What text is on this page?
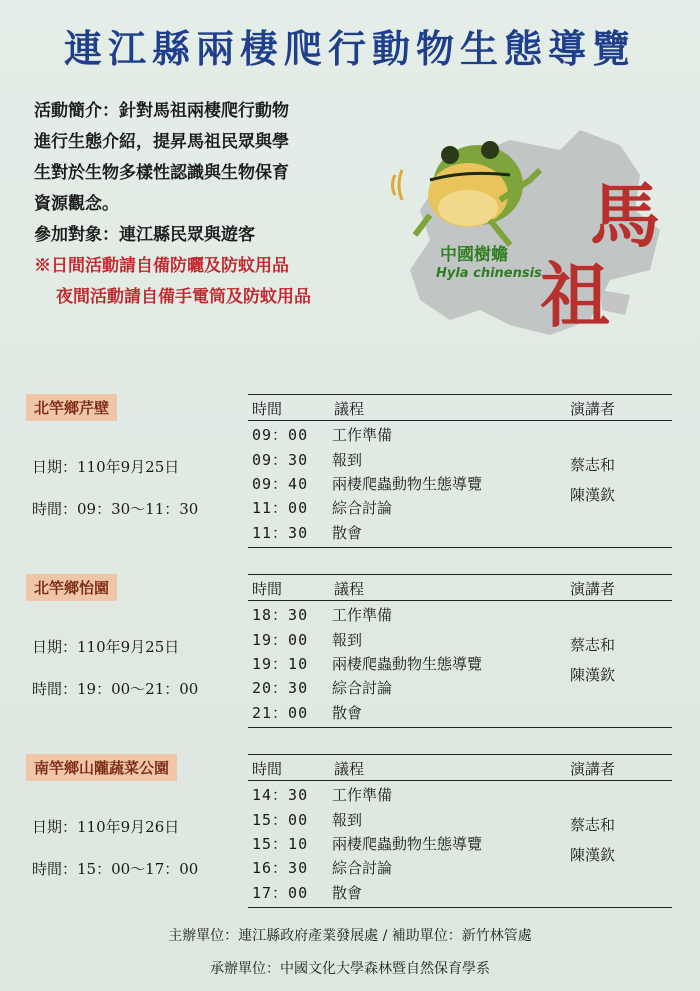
連江縣兩棲爬行動物生態導覽
活動簡介：針對馬祖兩棲爬行動物
進行生態介紹，提昇馬祖民眾與學
生對於生物多樣性認識與生物保育
資源觀念。
參加對象：連江縣民眾與遊客
※日間活動請自備防曬及防蚊用品
夜間活動請自備手電筒及防蚊用品
中國樹蟾
Hyla chinensis
馬
祖
北竿鄉芹壁
日期：110年9月25日
時間：09：30～11：30
時間	議程	演講者
09：00 工作準備
09：30 報到
09：40 兩棲爬蟲動物生態導覽
11：00 綜合討論
11：30 散會
蔡志和
陳漢欽
北竿鄉怡園
日期：110年9月25日
時間：19：00～21：00
時間	議程	演講者
18：30 工作準備
19：00 報到
19：10 兩棲爬蟲動物生態導覽
20：30 綜合討論
21：00 散會
蔡志和
陳漢欽
南竿鄉山隴蔬菜公園
日期：110年9月26日
時間：15：00～17：00
時間	議程	演講者
14：30 工作準備
15：00 報到
15：10 兩棲爬蟲動物生態導覽
16：30 綜合討論
17：00 散會
蔡志和
陳漢欽
主辦單位：連江縣政府產業發展處 / 補助單位：新竹林管處
承辦單位：中國文化大學森林暨自然保育學系
